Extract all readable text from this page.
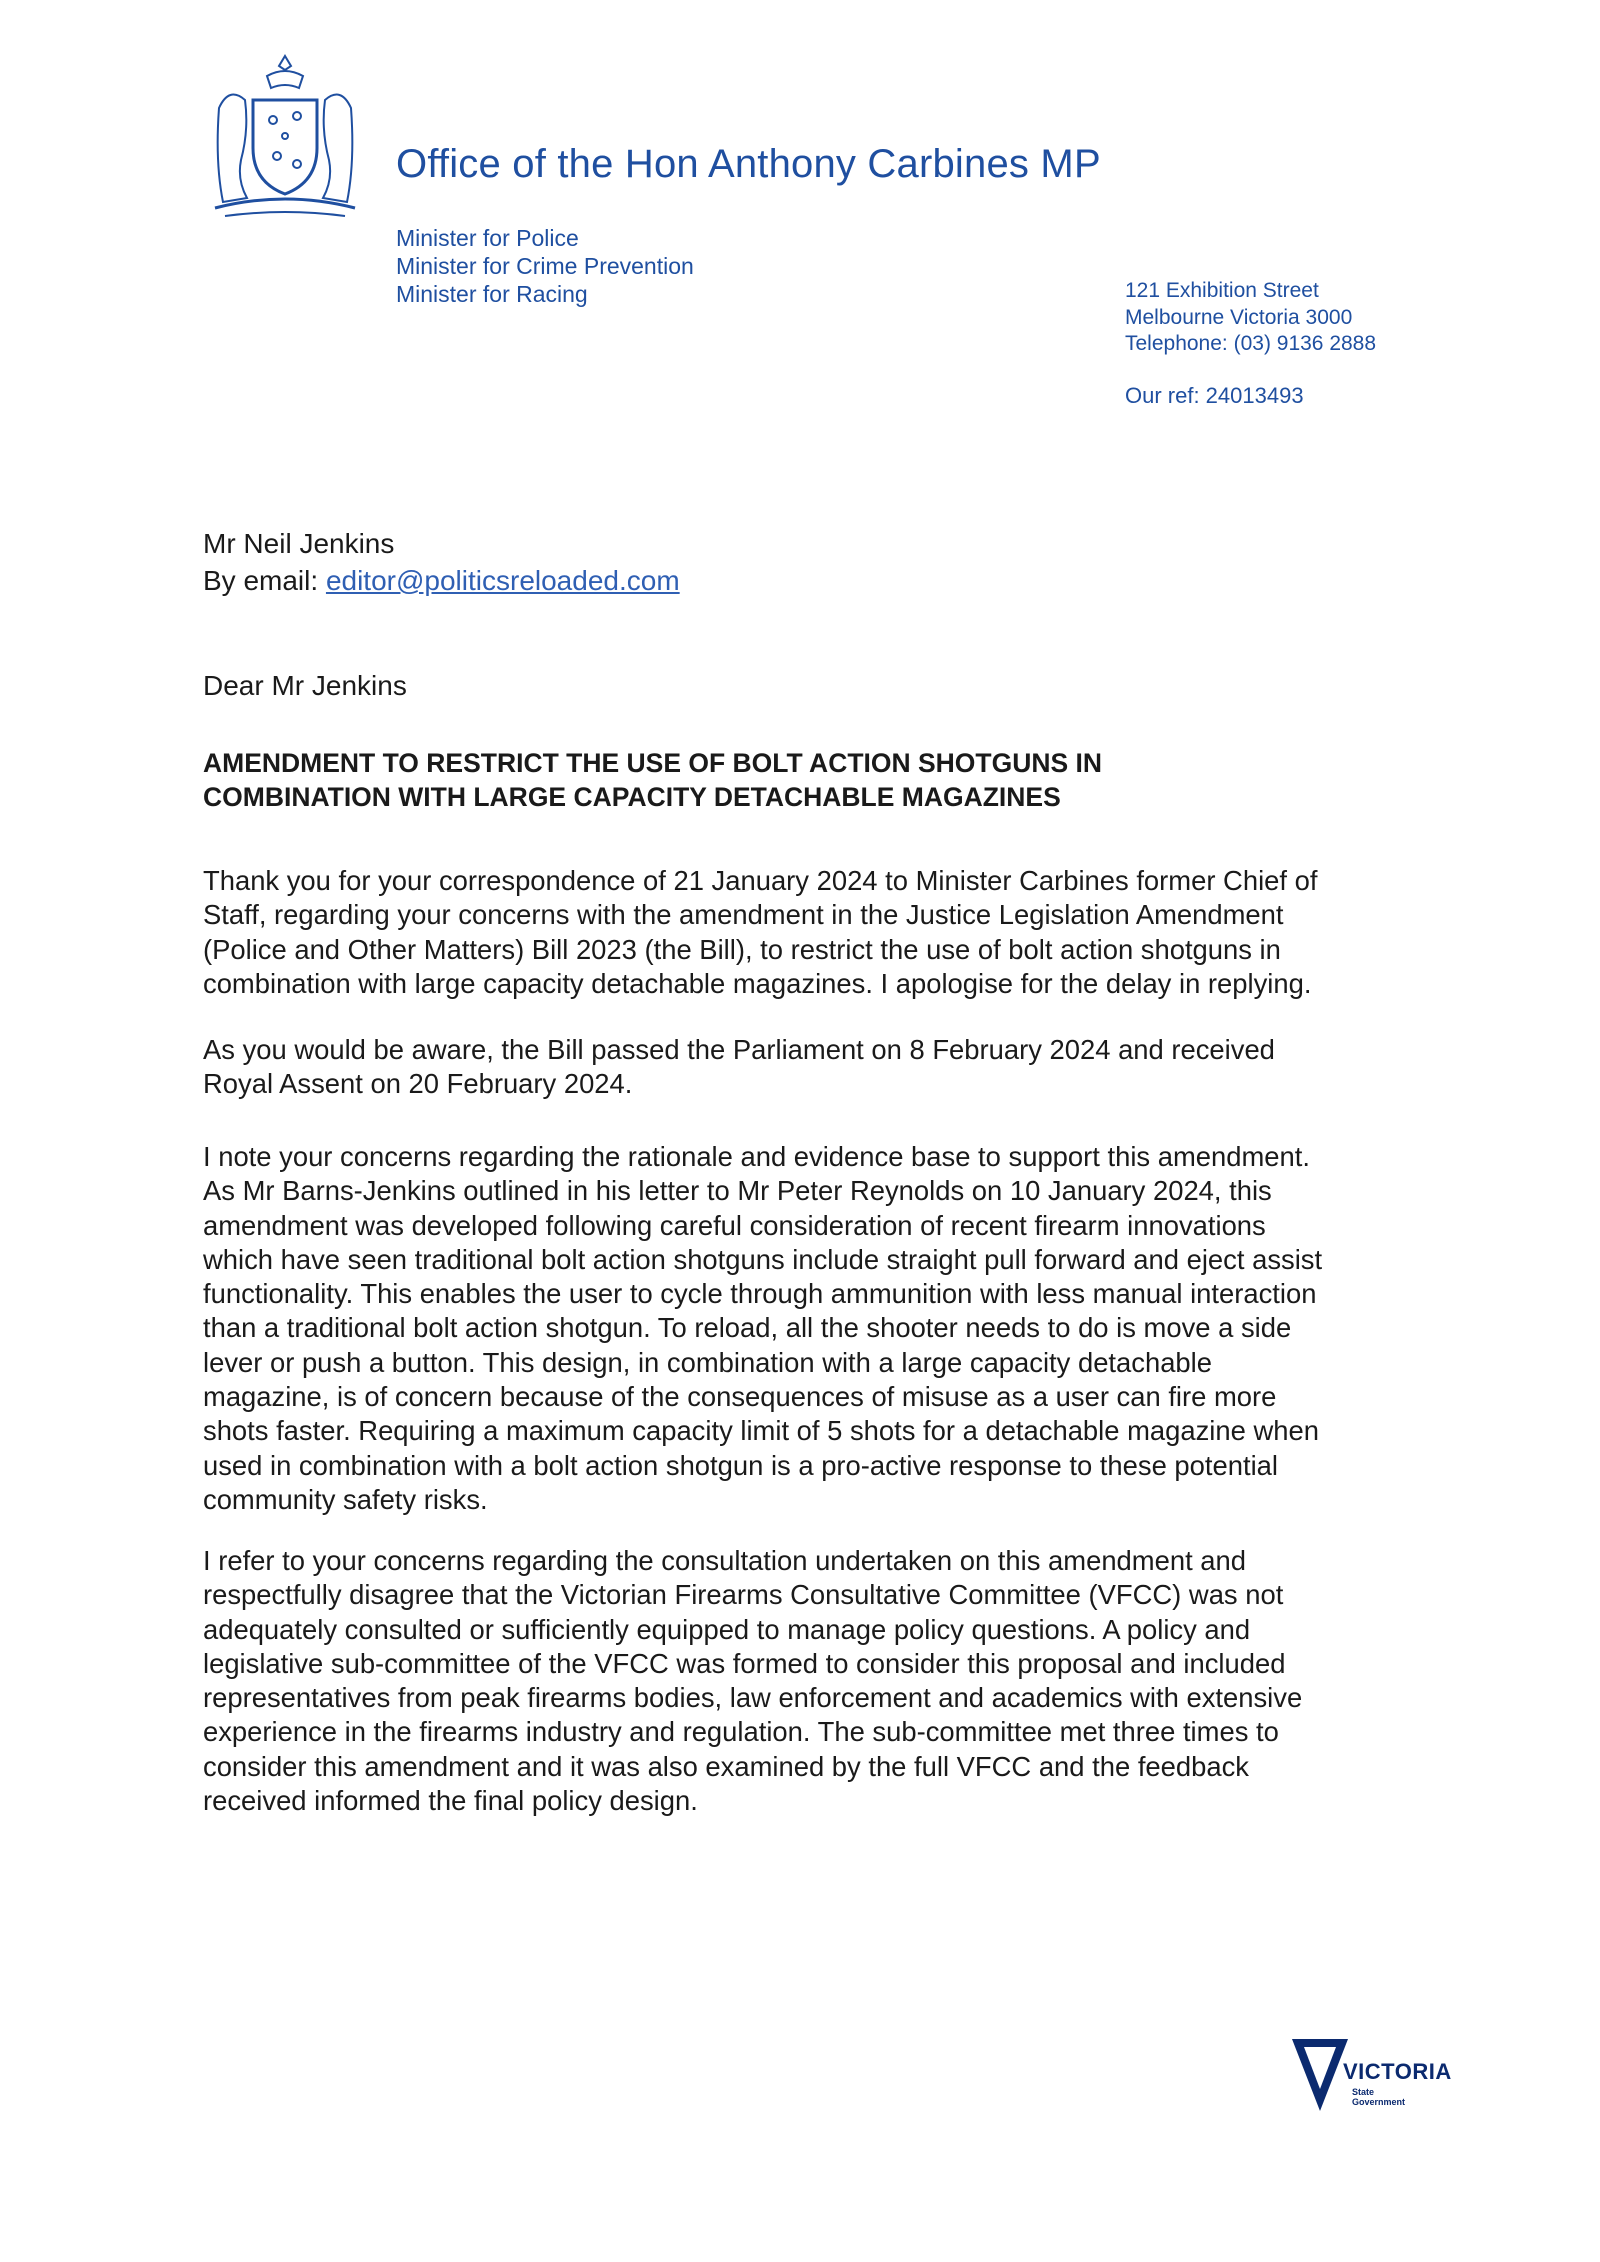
Office of the Hon Anthony Carbines MP
Minister for Police
Minister for Crime Prevention
Minister for Racing	121 Exhibition Street
Melbourne Victoria 3000
Telephone: (03) 9136 2888
Our ref: 24013493
Mr Neil Jenkins
By email: editor@politicsreloaded.com
Dear Mr Jenkins
AMENDMENT TO RESTRICT THE USE OF BOLT ACTION SHOTGUNS IN
COMBINATION WITH LARGE CAPACITY DETACHABLE MAGAZINES
Thank you for your correspondence of 21 January 2024 to Minister Carbines former Chief of
Staff, regarding your concerns with the amendment in the Justice Legislation Amendment
(Police and Other Matters) Bill 2023 (the Bill), to restrict the use of bolt action shotguns in
combination with large capacity detachable magazines. I apologise for the delay in replying.
As you would be aware, the Bill passed the Parliament on 8 February 2024 and received
Royal Assent on 20 February 2024.
I note your concerns regarding the rationale and evidence base to support this amendment.
As Mr Barns-Jenkins outlined in his letter to Mr Peter Reynolds on 10 January 2024, this
amendment was developed following careful consideration of recent firearm innovations
which have seen traditional bolt action shotguns include straight pull forward and eject assist
functionality. This enables the user to cycle through ammunition with less manual interaction
than a traditional bolt action shotgun. To reload, all the shooter needs to do is move a side
lever or push a button. This design, in combination with a large capacity detachable
magazine, is of concern because of the consequences of misuse as a user can fire more
shots faster. Requiring a maximum capacity limit of 5 shots for a detachable magazine when
used in combination with a bolt action shotgun is a pro-active response to these potential
community safety risks.
I refer to your concerns regarding the consultation undertaken on this amendment and
respectfully disagree that the Victorian Firearms Consultative Committee (VFCC) was not
adequately consulted or sufficiently equipped to manage policy questions. A policy and
legislative sub-committee of the VFCC was formed to consider this proposal and included
representatives from peak firearms bodies, law enforcement and academics with extensive
experience in the firearms industry and regulation. The sub-committee met three times to
consider this amendment and it was also examined by the full VFCC and the feedback
received informed the final policy design.
VICTORIA
State
Government
